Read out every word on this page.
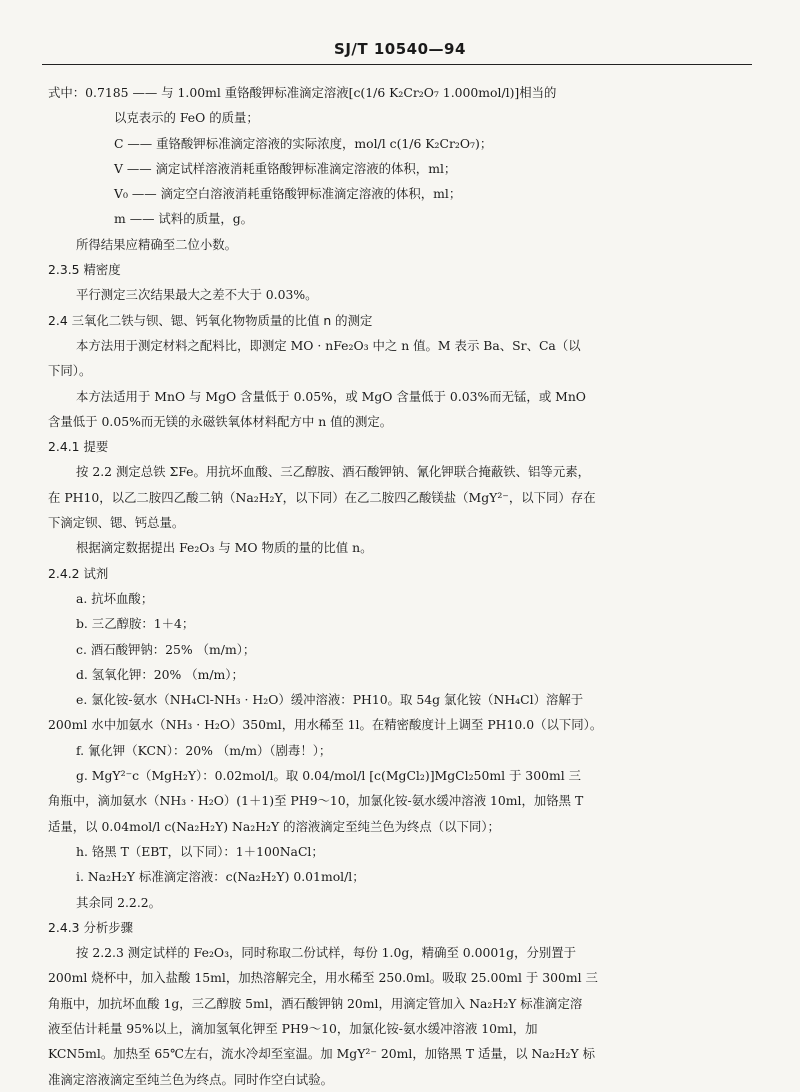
SJ/T 10540—94

式中：0.7185 —— 与 1.00ml 重铬酸钾标准滴定溶液[c(1/6 K₂Cr₂O₇ 1.000mol/l)]相当的

以克表示的 FeO 的质量；

C —— 重铬酸钾标准滴定溶液的实际浓度，mol/l c(1/6 K₂Cr₂O₇)；

V —— 滴定试样溶液消耗重铬酸钾标准滴定溶液的体积，ml；

V₀ —— 滴定空白溶液消耗重铬酸钾标准滴定溶液的体积，ml；

m —— 试料的质量，g。

所得结果应精确至二位小数。

2.3.5 精密度

平行测定三次结果最大之差不大于 0.03%。

2.4 三氧化二铁与钡、锶、钙氧化物物质量的比值 n 的测定

本方法用于测定材料之配料比，即测定 MO · nFe₂O₃ 中之 n 值。M 表示 Ba、Sr、Ca（以

下同）。

本方法适用于 MnO 与 MgO 含量低于 0.05%，或 MgO 含量低于 0.03%而无锰，或 MnO

含量低于 0.05%而无镁的永磁铁氧体材料配方中 n 值的测定。

2.4.1 提要

按 2.2 测定总铁 ΣFe。用抗坏血酸、三乙醇胺、酒石酸钾钠、氰化钾联合掩蔽铁、铝等元素，

在 PH10，以乙二胺四乙酸二钠（Na₂H₂Y，以下同）在乙二胺四乙酸镁盐（MgY²⁻，以下同）存在

下滴定钡、锶、钙总量。

根据滴定数据提出 Fe₂O₃ 与 MO 物质的量的比值 n。

2.4.2 试剂

a. 抗坏血酸；

b. 三乙醇胺：1＋4；

c. 酒石酸钾钠：25% （m/m）；

d. 氢氧化钾：20% （m/m）；

e. 氯化铵-氨水（NH₄Cl-NH₃ · H₂O）缓冲溶液：PH10。取 54g 氯化铵（NH₄Cl）溶解于

200ml 水中加氨水（NH₃ · H₂O）350ml，用水稀至 1l。在精密酸度计上调至 PH10.0（以下同）。

f. 氰化钾（KCN）：20% （m/m）（剧毒！）；

g. MgY²⁻c（MgH₂Y）：0.02mol/l。取 0.04/mol/l [c(MgCl₂)]MgCl₂50ml 于 300ml 三

角瓶中，滴加氨水（NH₃ · H₂O）(1＋1)至 PH9～10，加氯化铵-氨水缓冲溶液 10ml，加铬黑 T

适量，以 0.04mol/l c(Na₂H₂Y) Na₂H₂Y 的溶液滴定至纯兰色为终点（以下同）；

h. 铬黑 T（EBT，以下同）：1＋100NaCl；

i. Na₂H₂Y 标准滴定溶液：c(Na₂H₂Y) 0.01mol/l；

其余同 2.2.2。

2.4.3 分析步骤

按 2.2.3 测定试样的 Fe₂O₃，同时称取二份试样，每份 1.0g，精确至 0.0001g，分别置于

200ml 烧杯中，加入盐酸 15ml，加热溶解完全，用水稀至 250.0ml。吸取 25.00ml 于 300ml 三

角瓶中，加抗坏血酸 1g，三乙醇胺 5ml，酒石酸钾钠 20ml，用滴定管加入 Na₂H₂Y 标准滴定溶

液至估计耗量 95%以上，滴加氢氧化钾至 PH9～10，加氯化铵-氨水缓冲溶液 10ml，加

KCN5ml。加热至 65℃左右，流水冷却至室温。加 MgY²⁻ 20ml，加铬黑 T 适量，以 Na₂H₂Y 标

准滴定溶液滴定至纯兰色为终点。同时作空白试验。
